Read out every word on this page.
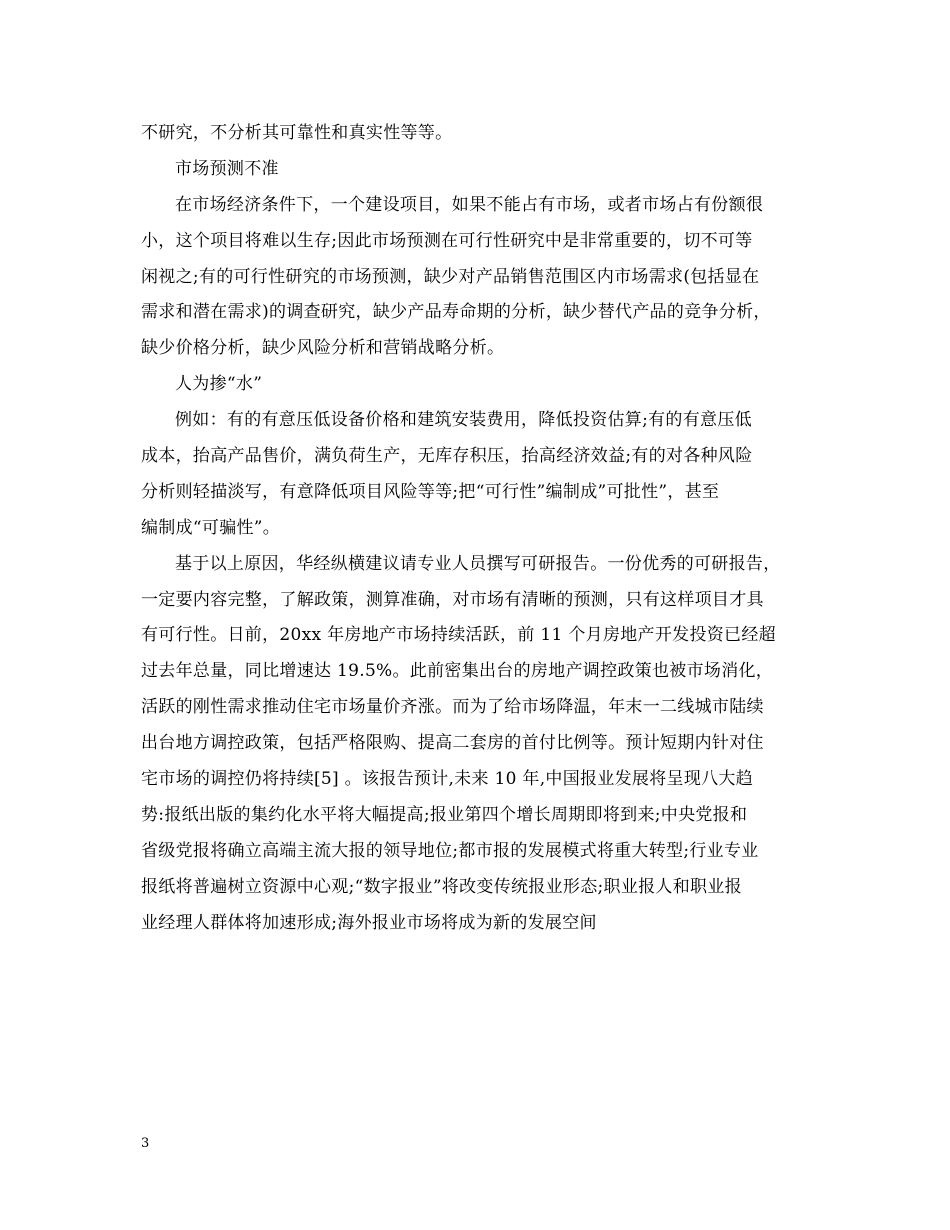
不研究，不分析其可靠性和真实性等等。
市场预测不准
在市场经济条件下，一个建设项目，如果不能占有市场，或者市场占有份额很
小，这个项目将难以生存;因此市场预测在可行性研究中是非常重要的，切不可等
闲视之;有的可行性研究的市场预测，缺少对产品销售范围区内市场需求(包括显在
需求和潜在需求)的调查研究，缺少产品寿命期的分析，缺少替代产品的竞争分析，
缺少价格分析，缺少风险分析和营销战略分析。
人为掺“水”
例如：有的有意压低设备价格和建筑安装费用，降低投资估算;有的有意压低
成本，抬高产品售价，满负荷生产，无库存积压，抬高经济效益;有的对各种风险
分析则轻描淡写，有意降低项目风险等等;把“可行性”编制成”可批性”，甚至
编制成“可骗性”。
基于以上原因，华经纵横建议请专业人员撰写可研报告。一份优秀的可研报告，
一定要内容完整，了解政策，测算准确，对市场有清晰的预测，只有这样项目才具
有可行性。日前，20xx 年房地产市场持续活跃，前 11 个月房地产开发投资已经超
过去年总量，同比增速达 19.5%。此前密集出台的房地产调控政策也被市场消化，
活跃的刚性需求推动住宅市场量价齐涨。而为了给市场降温，年末一二线城市陆续
出台地方调控政策，包括严格限购、提高二套房的首付比例等。预计短期内针对住
宅市场的调控仍将持续[5] 。该报告预计,未来 10 年,中国报业发展将呈现八大趋
势:报纸出版的集约化水平将大幅提高;报业第四个增长周期即将到来;中央党报和
省级党报将确立高端主流大报的领导地位;都市报的发展模式将重大转型;行业专业
报纸将普遍树立资源中心观;“数字报业”将改变传统报业形态;职业报人和职业报
业经理人群体将加速形成;海外报业市场将成为新的发展空间
3
